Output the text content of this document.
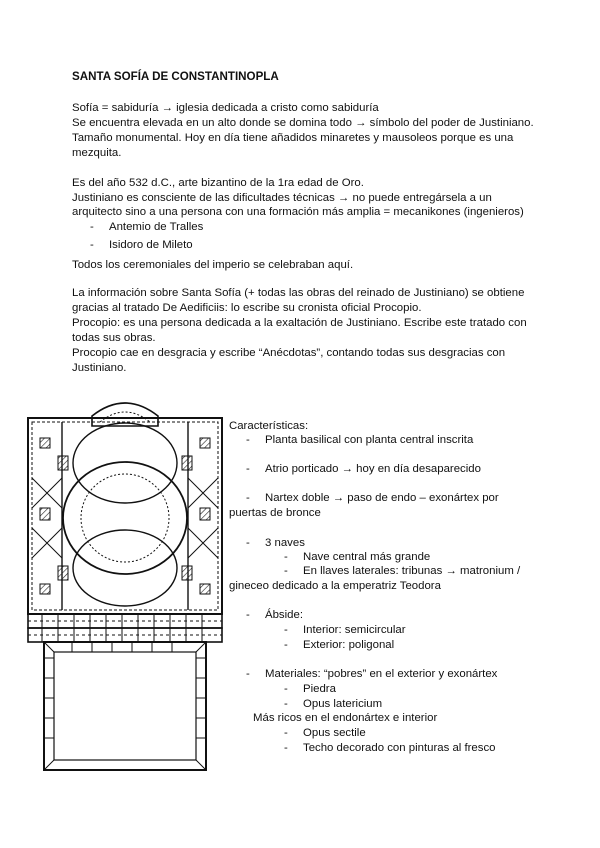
SANTA SOFÍA DE CONSTANTINOPLA
Sofía = sabiduría → iglesia dedicada a cristo como sabiduría
Se encuentra elevada en un alto donde se domina todo → símbolo del poder de Justiniano.
Tamaño monumental. Hoy en día tiene añadidos minaretes y mausoleos porque es una
mezquita.
Es del año 532 d.C., arte bizantino de la 1ra edad de Oro.
Justiniano es consciente de las dificultades técnicas → no puede entregársela a un
arquitecto sino a una persona con una formación más amplia = mecanikones (ingenieros)
- Antemio de Tralles
- Isidoro de Mileto
Todos los ceremoniales del imperio se celebraban aquí.
La información sobre Santa Sofía (+ todas las obras del reinado de Justiniano) se obtiene
gracias al tratado De Aedificiis: lo escribe su cronista oficial Procopio.
Procopio: es una persona dedicada a la exaltación de Justiniano. Escribe este tratado con
todas sus obras.
Procopio cae en desgracia y escribe “Anécdotas”, contando todas sus desgracias con
Justiniano.
Características:
- Planta basilical con planta central inscrita
- Atrio porticado → hoy en día desaparecido
- Nartex doble → paso de endo – exonártex por
puertas de bronce
- 3 naves
- Nave central más grande
- En llaves laterales: tribunas → matronium /
gineceo dedicado a la emperatriz Teodora
- Ábside:
- Interior: semicircular
- Exterior: poligonal
- Materiales: “pobres” en el exterior y exonártex
- Piedra
- Opus latericium
Más ricos en el endonártex e interior
- Opus sectile
- Techo decorado con pinturas al fresco
